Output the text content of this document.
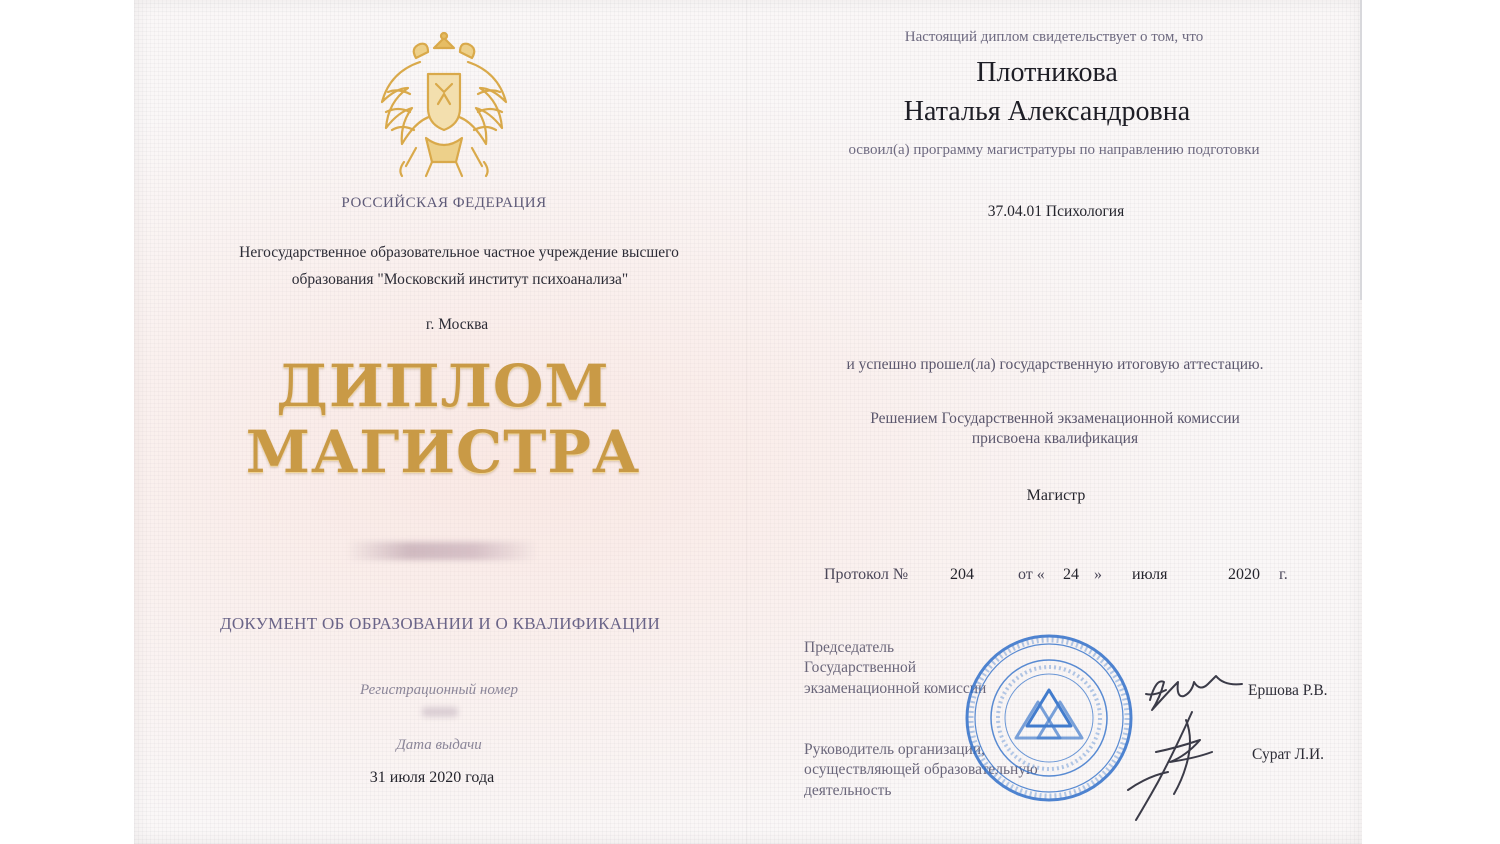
РОССИЙСКАЯ ФЕДЕРАЦИЯ
Негосударственное образовательное частное учреждение высшего
образования "Московский институт психоанализа"
г. Москва
ДИПЛОМ
МАГИСТРА
ДОКУМЕНТ ОБ ОБРАЗОВАНИИ И О КВАЛИФИКАЦИИ
Регистрационный номер
Дата выдачи
31 июля 2020 года
Настоящий диплом свидетельствует о том, что
Плотникова
Наталья Александровна
освоил(а) программу магистратуры по направлению подготовки
37.04.01 Психология
и успешно прошел(ла) государственную итоговую аттестацию.
Решением Государственной экзаменационной комиссии
присвоена квалификация
Магистр
Протокол №	204	от « 24 » июля	2020 г.
Председатель
Государственной
экзаменационной комиссии	Ершова Р.В.
Руководитель организации,
осуществляющей образовательную
деятельность
Сурат Л.И.
